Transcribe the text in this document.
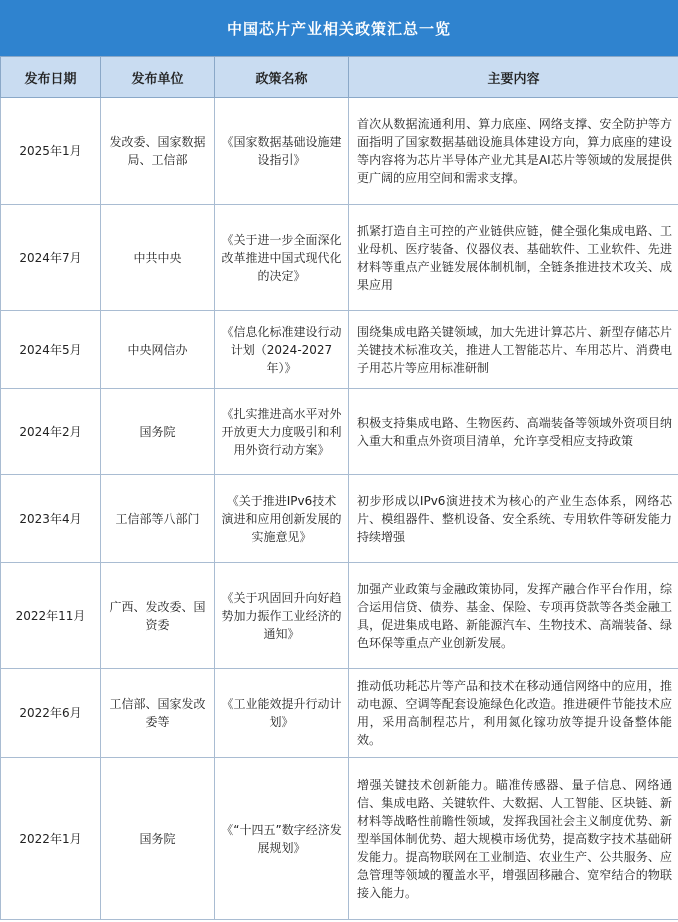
中国芯片产业相关政策汇总一览
发布日期	发布单位	政策名称	主要内容
2025年1月	发改委、国家数据局、工信部	《国家数据基础设施建设指引》	首次从数据流通利用、算力底座、网络支撑、安全防护等方面指明了国家数据基础设施具体建设方向，算力底座的建设等内容将为芯片半导体产业尤其是AI芯片等领域的发展提供更广阔的应用空间和需求支撑。
2024年7月	中共中央	《关于进一步全面深化改革推进中国式现代化的决定》	抓紧打造自主可控的产业链供应链，健全强化集成电路、工业母机、医疗装备、仪器仪表、基础软件、工业软件、先进材料等重点产业链发展体制机制，全链条推进技术攻关、成果应用
2024年5月	中央网信办	《信息化标准建设行动计划（2024-2027年）》	围绕集成电路关键领域，加大先进计算芯片、新型存储芯片关键技术标准攻关，推进人工智能芯片、车用芯片、消费电子用芯片等应用标准研制
2024年2月	国务院	《扎实推进高水平对外开放更大力度吸引和利用外资行动方案》	积极支持集成电路、生物医药、高端装备等领域外资项目纳入重大和重点外资项目清单，允许享受相应支持政策
2023年4月	工信部等八部门	《关于推进IPv6技术演进和应用创新发展的实施意见》	初步形成以IPv6演进技术为核心的产业生态体系，网络芯片、模组器件、整机设备、安全系统、专用软件等研发能力持续增强
2022年11月	广西、发改委、国资委	《关于巩固回升向好趋势加力振作工业经济的通知》	加强产业政策与金融政策协同，发挥产融合作平台作用，综合运用信贷、债券、基金、保险、专项再贷款等各类金融工具，促进集成电路、新能源汽车、生物技术、高端装备、绿色环保等重点产业创新发展。
2022年6月	工信部、国家发改委等	《工业能效提升行动计划》	推动低功耗芯片等产品和技术在移动通信网络中的应用，推动电源、空调等配套设施绿色化改造。推进硬件节能技术应用，采用高制程芯片，利用氮化镓功放等提升设备整体能效。
2022年1月	国务院	《“十四五”数字经济发展规划》	增强关键技术创新能力。瞄准传感器、量子信息、网络通信、集成电路、关键软件、大数据、人工智能、区块链、新材料等战略性前瞻性领域，发挥我国社会主义制度优势、新型举国体制优势、超大规模市场优势，提高数字技术基础研发能力。提高物联网在工业制造、农业生产、公共服务、应急管理等领域的覆盖水平，增强固移融合、宽窄结合的物联接入能力。
